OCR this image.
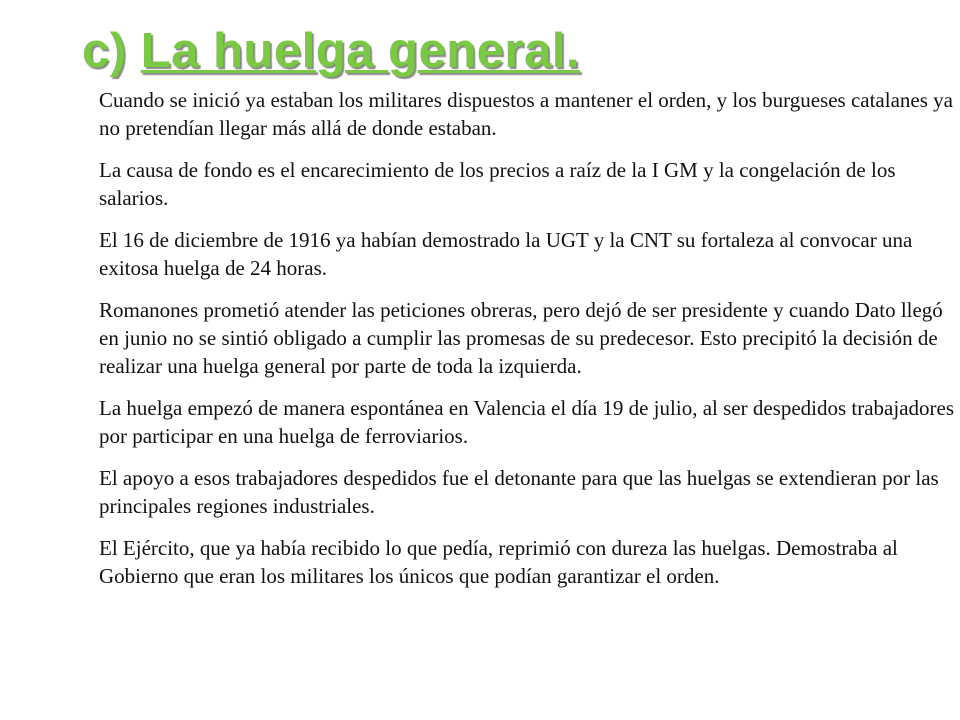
c) La huelga general.

Cuando se inició ya estaban los militares dispuestos a mantener el orden, y los burgueses catalanes ya no pretendían llegar más allá de donde estaban.

La causa de fondo es el encarecimiento de los precios a raíz de la I GM y la congelación de los salarios.

El 16 de diciembre de 1916 ya habían demostrado la UGT y la CNT su fortaleza al convocar una exitosa huelga de 24 horas.

Romanones prometió atender las peticiones obreras, pero dejó de ser presidente y cuando Dato llegó en junio no se sintió obligado a cumplir las promesas de su predecesor. Esto precipitó la decisión de realizar una huelga general por parte de toda la izquierda.

La huelga empezó de manera espontánea en Valencia el día 19 de julio, al ser despedidos trabajadores por participar en una huelga de ferroviarios.

El apoyo a esos trabajadores despedidos fue el detonante para que las huelgas se extendieran por las principales regiones industriales.

El Ejército, que ya había recibido lo que pedía, reprimió con dureza las huelgas. Demostraba al Gobierno que eran los militares los únicos que podían garantizar el orden.
